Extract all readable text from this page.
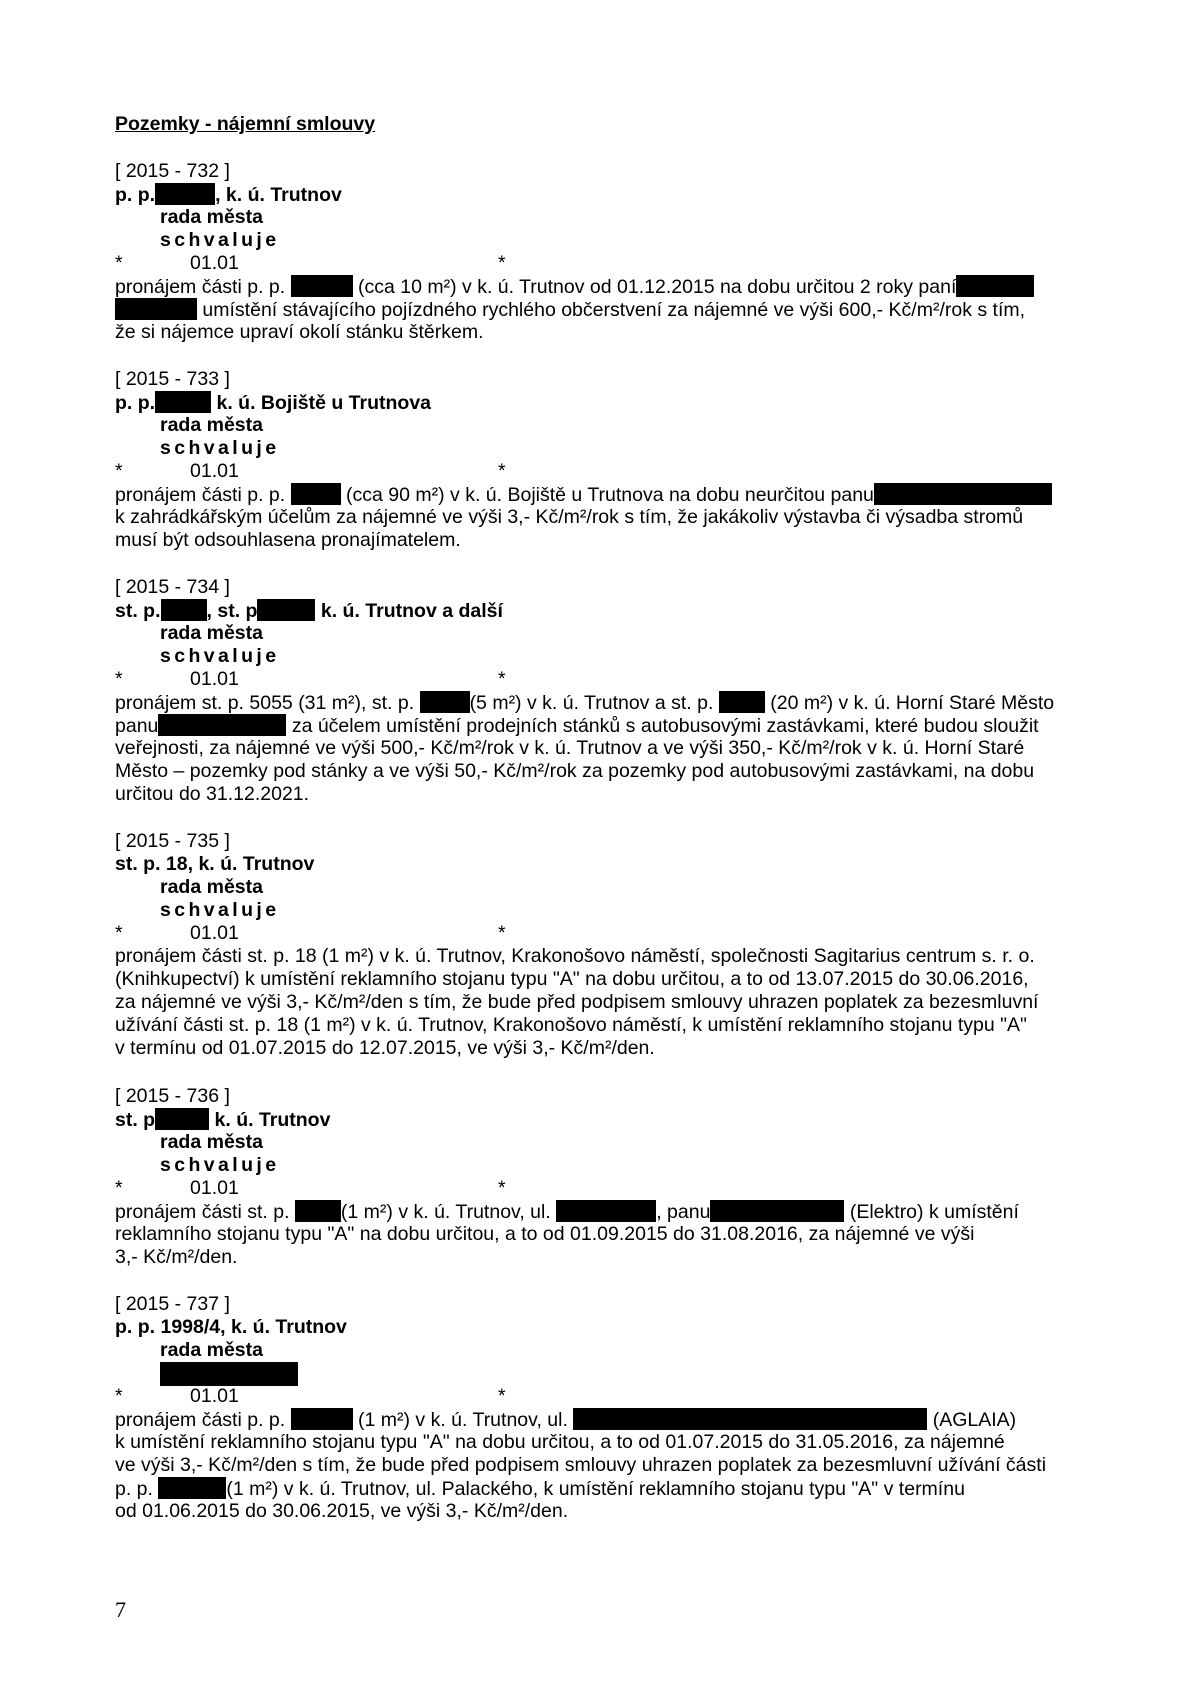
Pozemky - nájemní smlouvy
[ 2015 - 732 ]
p. p.	, k. ú. Trutnov
rada města
schvaluje
*	01.01	*
pronájem části p. p.	(cca 10 m²) v k. ú. Trutnov od 01.12.2015 na dobu určitou 2 roky paní
umístění stávajícího pojízdného rychlého občerstvení za nájemné ve výši 600,- Kč/m²/rok s tím,
že si nájemce upraví okolí stánku štěrkem.
[ 2015 - 733 ]
p. p.	k. ú. Bojiště u Trutnova
rada města
schvaluje
*	01.01	*
pronájem části p. p.	(cca 90 m²) v k. ú. Bojiště u Trutnova na dobu neurčitou panu
k zahrádkářským účelům za nájemné ve výši 3,- Kč/m²/rok s tím, že jakákoliv výstavba či výsadba stromů
musí být odsouhlasena pronajímatelem.
[ 2015 - 734 ]
st. p. , st. p	k. ú. Trutnov a další
rada města
schvaluje
*	01.01	*
pronájem st. p. 5055 (31 m²), st. p.	(5 m²) v k. ú. Trutnov a st. p.	(20 m²) v k. ú. Horní Staré Město
panu	za účelem umístění prodejních stánků s autobusovými zastávkami, které budou sloužit
veřejnosti, za nájemné ve výši 500,- Kč/m²/rok v k. ú. Trutnov a ve výši 350,- Kč/m²/rok v k. ú. Horní Staré
Město – pozemky pod stánky a ve výši 50,- Kč/m²/rok za pozemky pod autobusovými zastávkami, na dobu
určitou do 31.12.2021.
[ 2015 - 735 ]
st. p. 18, k. ú. Trutnov
rada města
schvaluje
*	01.01	*
pronájem části st. p. 18 (1 m²) v k. ú. Trutnov, Krakonošovo náměstí, společnosti Sagitarius centrum s. r. o.
(Knihkupectví) k umístění reklamního stojanu typu "A" na dobu určitou, a to od 13.07.2015 do 30.06.2016,
za nájemné ve výši 3,- Kč/m²/den s tím, že bude před podpisem smlouvy uhrazen poplatek za bezesmluvní
užívání části st. p. 18 (1 m²) v k. ú. Trutnov, Krakonošovo náměstí, k umístění reklamního stojanu typu "A"
v termínu od 01.07.2015 do 12.07.2015, ve výši 3,- Kč/m²/den.
[ 2015 - 736 ]
st. p	k. ú. Trutnov
rada města
schvaluje
*	01.01	*
pronájem části st. p.	(1 m²) v k. ú. Trutnov, ul.	, panu	(Elektro) k umístění
reklamního stojanu typu "A" na dobu určitou, a to od 01.09.2015 do 31.08.2016, za nájemné ve výši
3,- Kč/m²/den.
[ 2015 - 737 ]
p. p. 1998/4, k. ú. Trutnov
rada města
*	01.01	*
pronájem části p. p.	(1 m²) v k. ú. Trutnov, ul.	(AGLAIA)
k umístění reklamního stojanu typu "A" na dobu určitou, a to od 01.07.2015 do 31.05.2016, za nájemné
ve výši 3,- Kč/m²/den s tím, že bude před podpisem smlouvy uhrazen poplatek za bezesmluvní užívání části
p. p.	(1 m²) v k. ú. Trutnov, ul. Palackého, k umístění reklamního stojanu typu "A" v termínu
od 01.06.2015 do 30.06.2015, ve výši 3,- Kč/m²/den.
7
